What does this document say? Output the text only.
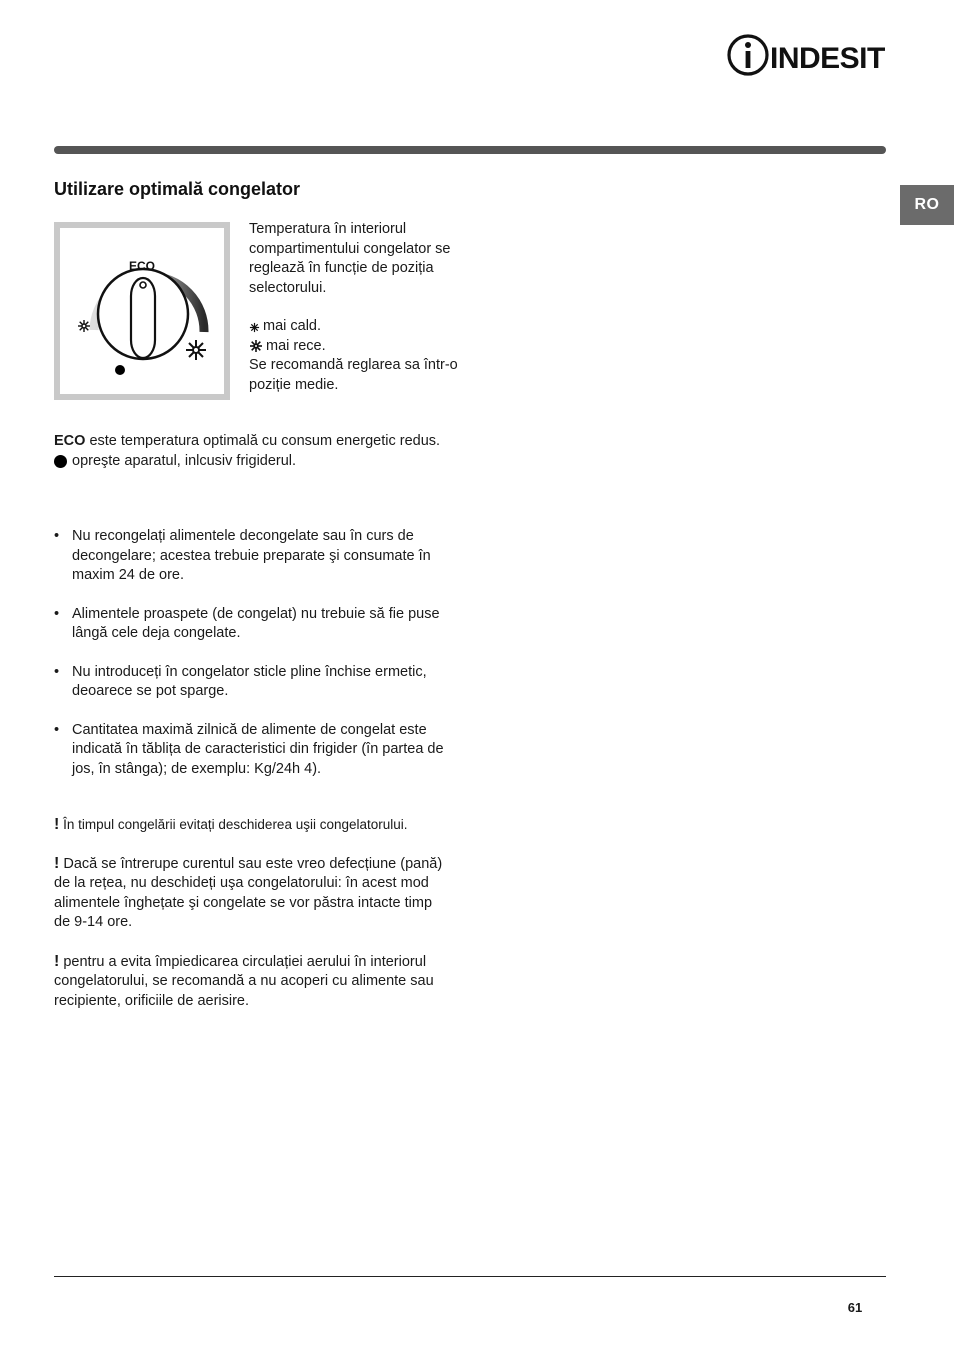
INDESIT
RO
Utilizare optimală congelator
ECO

Temperatura în interiorul compartimentului congelator se reglează în funcție de poziția selectorului.

mai cald.

mai rece.

Se recomandă reglarea sa într-o poziție medie.

ECO este temperatura optimală cu consum energetic redus.

opreşte aparatul, inlcusiv frigiderul.

• Nu recongelați alimentele decongelate sau în curs de decongelare; acestea trebuie preparate şi consumate în maxim 24 de ore.
• Alimentele proaspete (de congelat) nu trebuie să fie puse lângă cele deja congelate.
• Nu introduceți în congelator sticle pline închise ermetic, deoarece se pot sparge.
• Cantitatea maximă zilnică de alimente de congelat este indicată în tăblița de caracteristici din frigider (în partea de jos, în stânga); de exemplu: Kg/24h 4).

! În timpul congelării evitați deschiderea uşii congelatorului.

! Dacă se întrerupe curentul sau este vreo defecțiune (pană) de la rețea, nu deschideți uşa congelatorului: în acest mod alimentele înghețate şi congelate se vor păstra intacte timp de 9-14 ore.

! pentru a evita împiedicarea circulației aerului în interiorul congelatorului, se recomandă a nu acoperi cu alimente sau recipiente, orificiile de aerisire.

61
